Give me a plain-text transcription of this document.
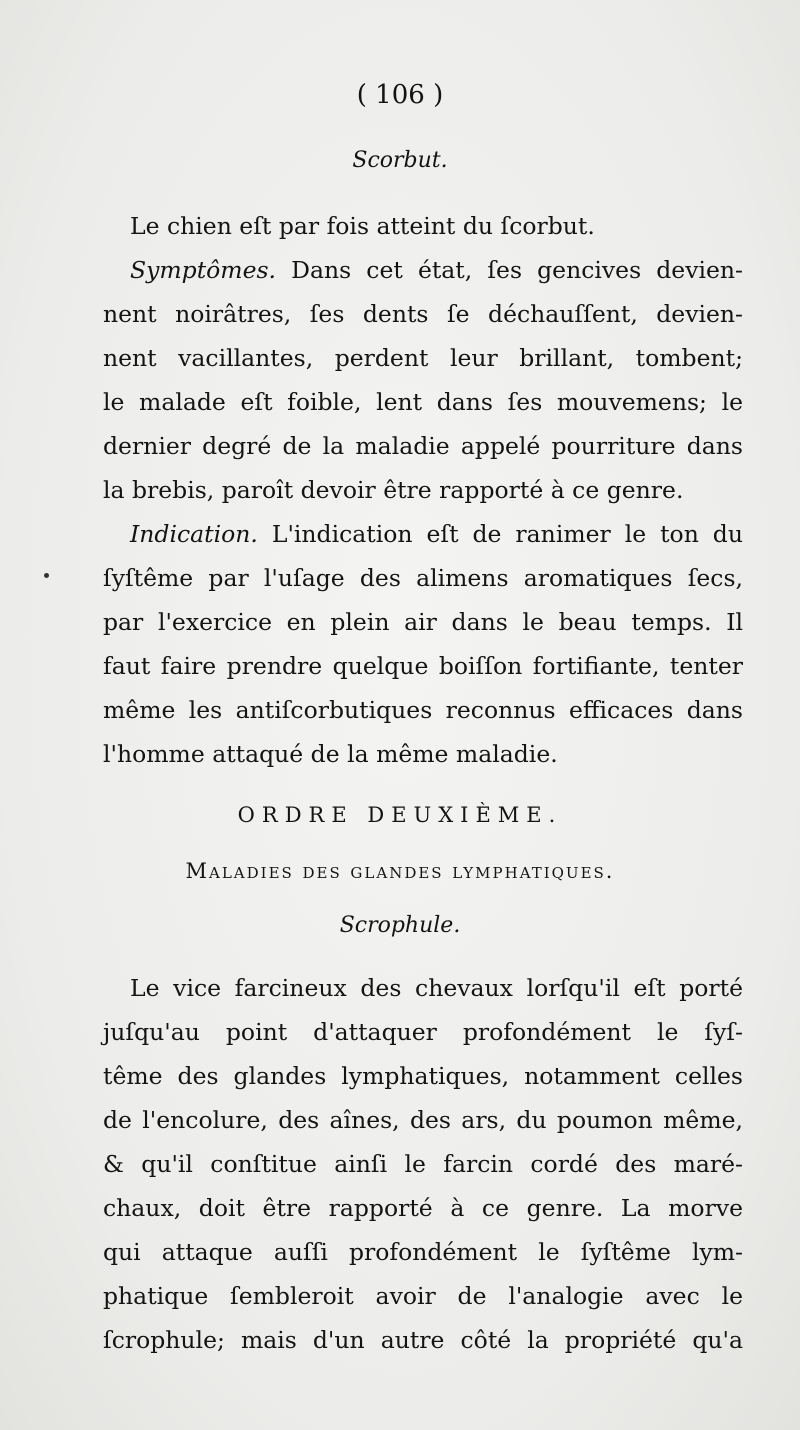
( 106 )
Scorbut.
Le chien eſt par fois atteint du ſcorbut.
Symptômes. Dans cet état, ſes gencives devien-
nent noirâtres, ſes dents ſe déchauſſent, devien-
nent vacillantes, perdent leur brillant, tombent;
le malade eſt foible, lent dans ſes mouvemens; le
dernier degré de la maladie appelé pourriture dans
la brebis, paroît devoir être rapporté à ce genre.
Indication. L'indication eſt de ranimer le ton du
ſyſtême par l'uſage des alimens aromatiques ſecs,
par l'exercice en plein air dans le beau temps. Il
faut faire prendre quelque boiſſon fortifiante, tenter
même les antiſcorbutiques reconnus efficaces dans
l'homme attaqué de la même maladie.
ORDRE DEUXIÈME.
Maladies des glandes lymphatiques.
Scrophule.
Le vice farcineux des chevaux lorſqu'il eſt porté
juſqu'au point d'attaquer profondément le ſyſ-
tême des glandes lymphatiques, notamment celles
de l'encolure, des aînes, des ars, du poumon même,
& qu'il conſtitue ainſi le farcin cordé des maré-
chaux, doit être rapporté à ce genre. La morve
qui attaque auſſi profondément le ſyſtême lym-
phatique ſembleroit avoir de l'analogie avec le
ſcrophule; mais d'un autre côté la propriété qu'a
